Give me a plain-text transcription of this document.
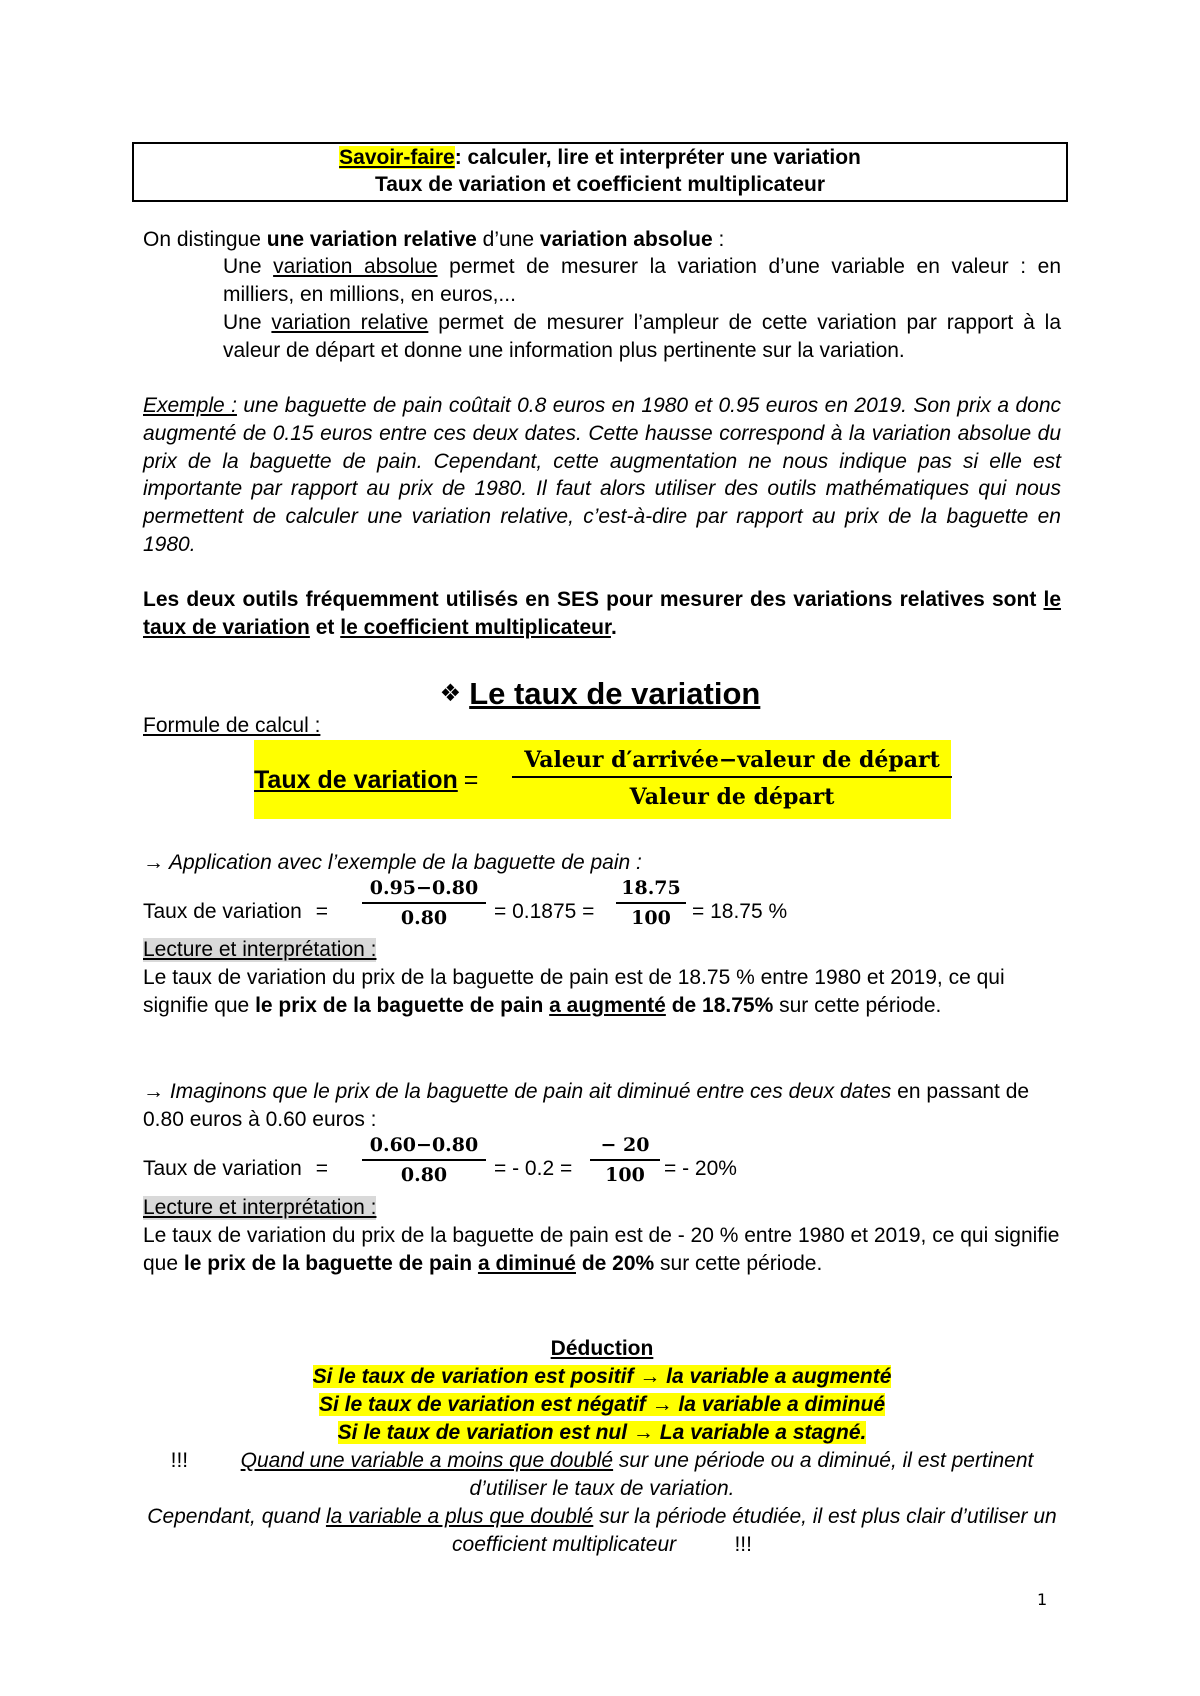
Savoir-faire: calculer, lire et interpréter une variation
Taux de variation et coefficient multiplicateur
On distingue une variation relative d’une variation absolue :
Une variation absolue permet de mesurer la variation d’une variable en valeur : en milliers, en millions, en euros,...
Une variation relative permet de mesurer l’ampleur de cette variation par rapport à la valeur de départ et donne une information plus pertinente sur la variation.
Exemple : une baguette de pain coûtait 0.8 euros en 1980 et 0.95 euros en 2019. Son prix a donc augmenté de 0.15 euros entre ces deux dates. Cette hausse correspond à la variation absolue du prix de la baguette de pain. Cependant, cette augmentation ne nous indique pas si elle est importante par rapport au prix de 1980. Il faut alors utiliser des outils mathématiques qui nous permettent de calculer une variation relative, c’est-à-dire par rapport au prix de la baguette en 1980.
Les deux outils fréquemment utilisés en SES pour mesurer des variations relatives sont le taux de variation et le coefficient multiplicateur.
❖ Le taux de variation
Formule de calcul :
Taux de variation =
Valeur d′arrivée−valeur de départ
Valeur de départ
→ Application avec l’exemple de la baguette de pain :
Taux de variation =
0.95−0.80
0.80	= 0.1875 =
18.75
100	= 18.75 %
Lecture et interprétation :
Le taux de variation du prix de la baguette de pain est de 18.75 % entre 1980 et 2019, ce qui signifie que le prix de la baguette de pain a augmenté de 18.75% sur cette période.
→ Imaginons que le prix de la baguette de pain ait diminué entre ces deux dates en passant de 0.80 euros à 0.60 euros :
Taux de variation =
0.60−0.80
0.80	= - 0.2 =
− 20
100 = - 20%
Lecture et interprétation :
Le taux de variation du prix de la baguette de pain est de - 20 % entre 1980 et 2019, ce qui signifie que le prix de la baguette de pain a diminué de 20% sur cette période.
Déduction
Si le taux de variation est positif → la variable a augmenté
Si le taux de variation est négatif → la variable a diminué
Si le taux de variation est nul → La variable a stagné.
!!!         Quand une variable a moins que doublé sur une période ou a diminué, il est pertinent d’utiliser le taux de variation.
Cependant, quand la variable a plus que doublé sur la période étudiée, il est plus clair d’utiliser un coefficient multiplicateur          !!!
1
